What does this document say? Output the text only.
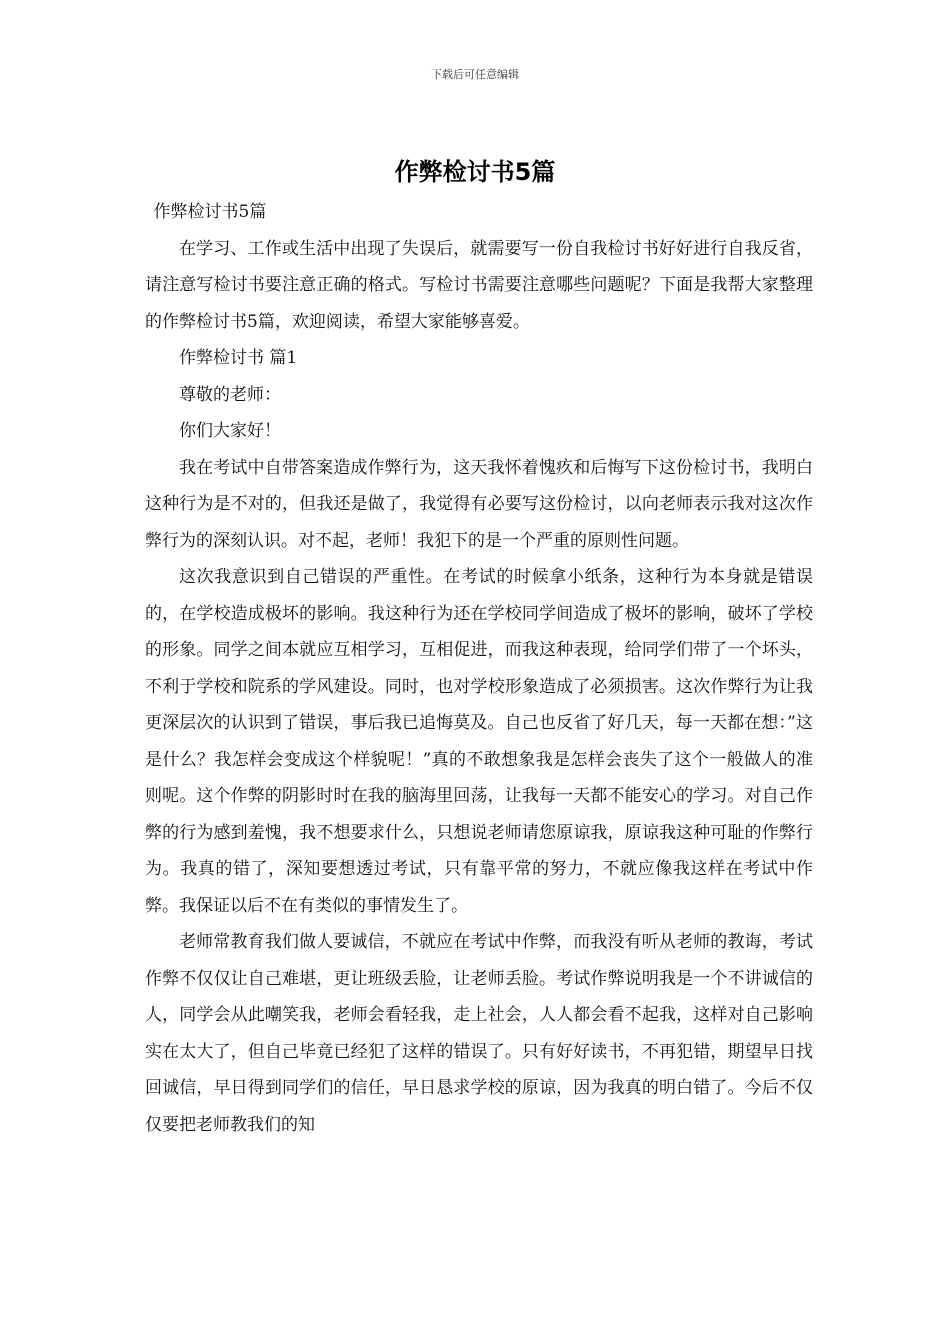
下载后可任意编辑
作弊检讨书5篇

作弊检讨书5篇

在学习、工作或生活中出现了失误后，就需要写一份自我检讨书好好进行自我反省，请注意写检讨书要注意正确的格式。写检讨书需要注意哪些问题呢？下面是我帮大家整理的作弊检讨书5篇，欢迎阅读，希望大家能够喜爱。

作弊检讨书 篇1

尊敬的老师：

你们大家好！

我在考试中自带答案造成作弊行为，这天我怀着愧疚和后悔写下这份检讨书，我明白这种行为是不对的，但我还是做了，我觉得有必要写这份检讨，以向老师表示我对这次作弊行为的深刻认识。对不起，老师！我犯下的是一个严重的原则性问题。

这次我意识到自己错误的严重性。在考试的时候拿小纸条，这种行为本身就是错误的，在学校造成极坏的影响。我这种行为还在学校同学间造成了极坏的影响，破坏了学校的形象。同学之间本就应互相学习，互相促进，而我这种表现，给同学们带了一个坏头，不利于学校和院系的学风建设。同时，也对学校形象造成了必须损害。这次作弊行为让我更深层次的认识到了错误，事后我已追悔莫及。自己也反省了好几天，每一天都在想：”这是什么？我怎样会变成这个样貌呢！”真的不敢想象我是怎样会丧失了这个一般做人的准则呢。这个作弊的阴影时时在我的脑海里回荡，让我每一天都不能安心的学习。对自己作弊的行为感到羞愧，我不想要求什么，只想说老师请您原谅我，原谅我这种可耻的作弊行为。我真的错了，深知要想透过考试，只有靠平常的努力，不就应像我这样在考试中作弊。我保证以后不在有类似的事情发生了。

老师常教育我们做人要诚信，不就应在考试中作弊，而我没有听从老师的教诲，考试作弊不仅仅让自己难堪，更让班级丢脸，让老师丢脸。考试作弊说明我是一个不讲诚信的人，同学会从此嘲笑我，老师会看轻我，走上社会，人人都会看不起我，这样对自己影响实在太大了，但自己毕竟已经犯了这样的错误了。只有好好读书，不再犯错，期望早日找回诚信，早日得到同学们的信任，早日恳求学校的原谅，因为我真的明白错了。今后不仅仅要把老师教我们的知
